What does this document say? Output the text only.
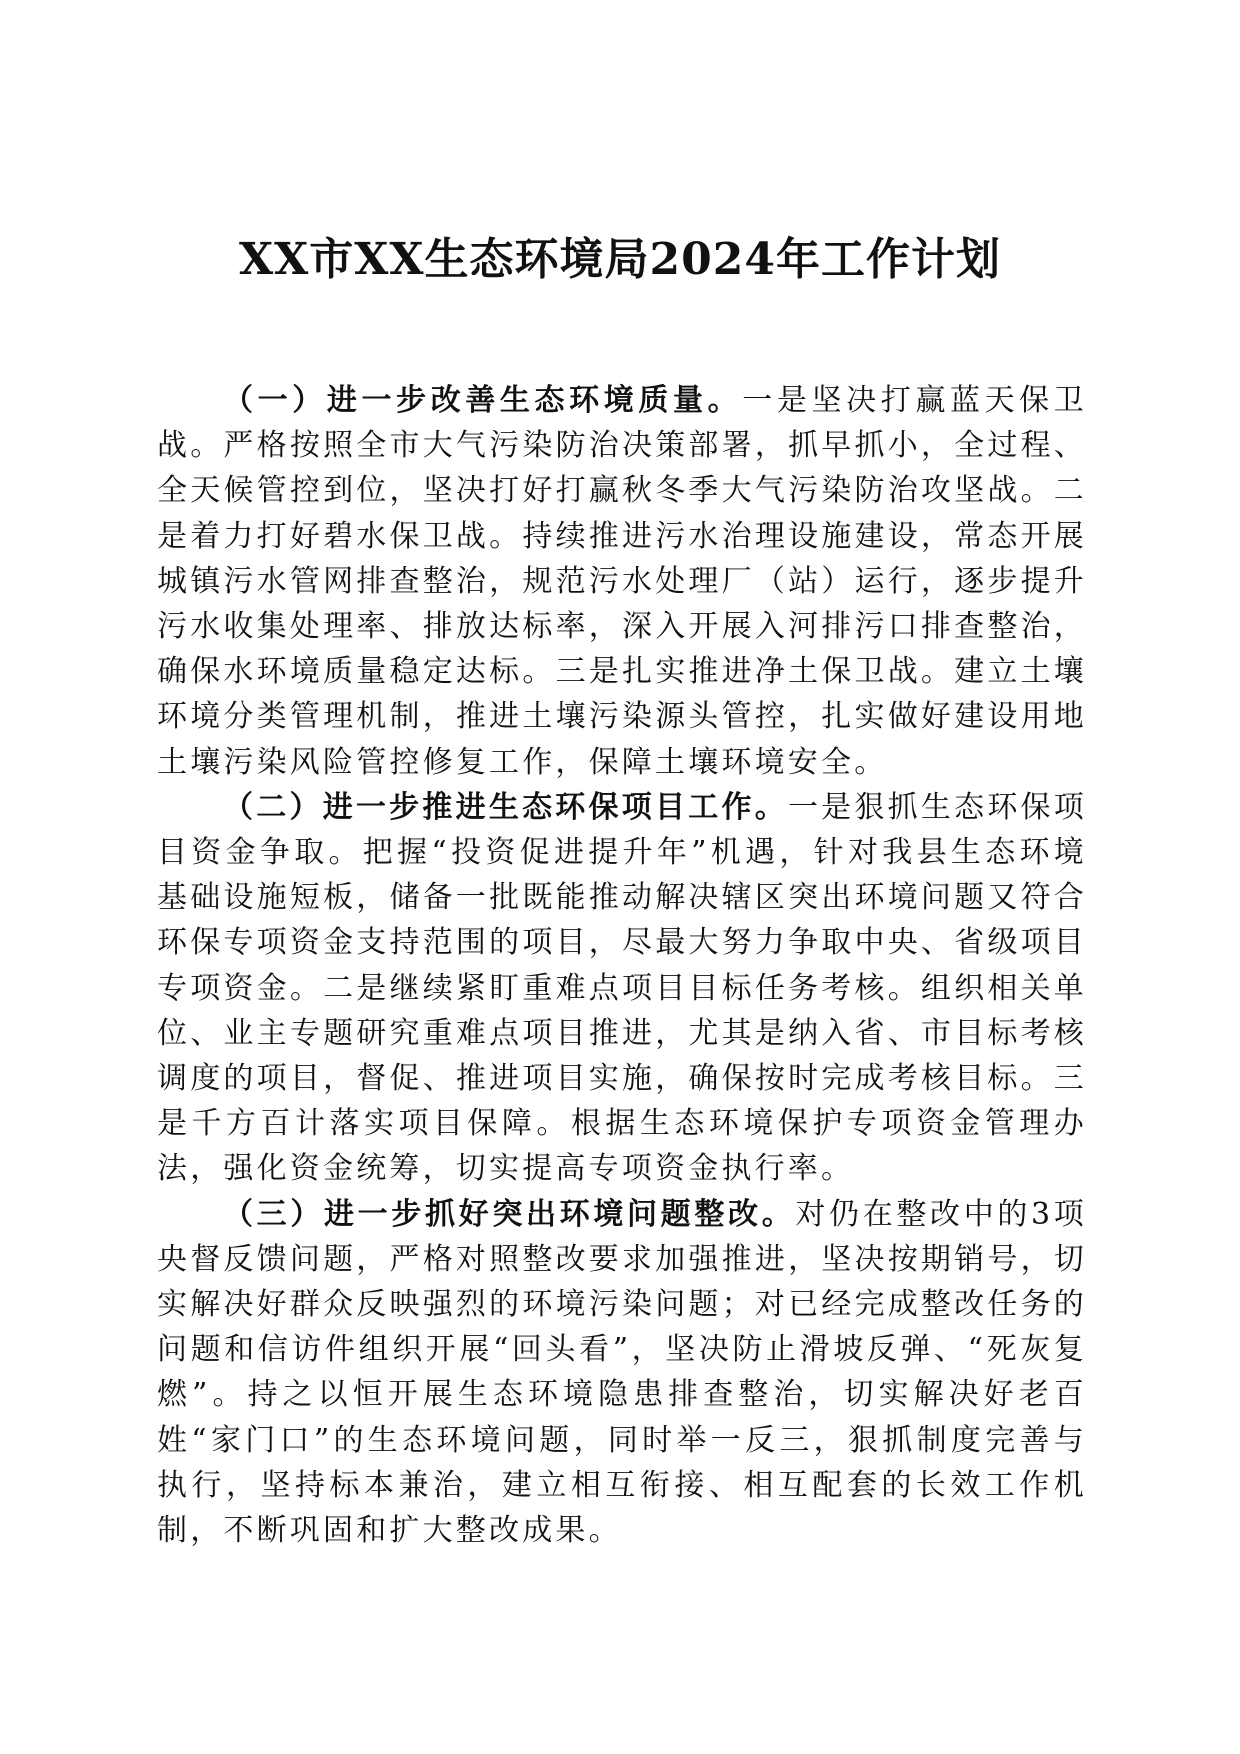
XX市XX生态环境局2024年工作计划

（一）进一步改善生态环境质量。一是坚决打赢蓝天保卫战。严格按照全市大气污染防治决策部署，抓早抓小，全过程、全天候管控到位，坚决打好打赢秋冬季大气污染防治攻坚战。二是着力打好碧水保卫战。持续推进污水治理设施建设，常态开展城镇污水管网排查整治，规范污水处理厂（站）运行，逐步提升污水收集处理率、排放达标率，深入开展入河排污口排查整治，确保水环境质量稳定达标。三是扎实推进净土保卫战。建立土壤环境分类管理机制，推进土壤污染源头管控，扎实做好建设用地土壤污染风险管控修复工作，保障土壤环境安全。

（二）进一步推进生态环保项目工作。一是狠抓生态环保项目资金争取。把握“投资促进提升年”机遇，针对我县生态环境基础设施短板，储备一批既能推动解决辖区突出环境问题又符合环保专项资金支持范围的项目，尽最大努力争取中央、省级项目专项资金。二是继续紧盯重难点项目目标任务考核。组织相关单位、业主专题研究重难点项目推进，尤其是纳入省、市目标考核调度的项目，督促、推进项目实施，确保按时完成考核目标。三是千方百计落实项目保障。根据生态环境保护专项资金管理办法，强化资金统筹，切实提高专项资金执行率。

（三）进一步抓好突出环境问题整改。对仍在整改中的3项央督反馈问题，严格对照整改要求加强推进，坚决按期销号，切实解决好群众反映强烈的环境污染问题；对已经完成整改任务的问题和信访件组织开展“回头看”，坚决防止滑坡反弹、“死灰复燃”。持之以恒开展生态环境隐患排查整治，切实解决好老百姓“家门口”的生态环境问题，同时举一反三，狠抓制度完善与执行，坚持标本兼治，建立相互衔接、相互配套的长效工作机制，不断巩固和扩大整改成果。
